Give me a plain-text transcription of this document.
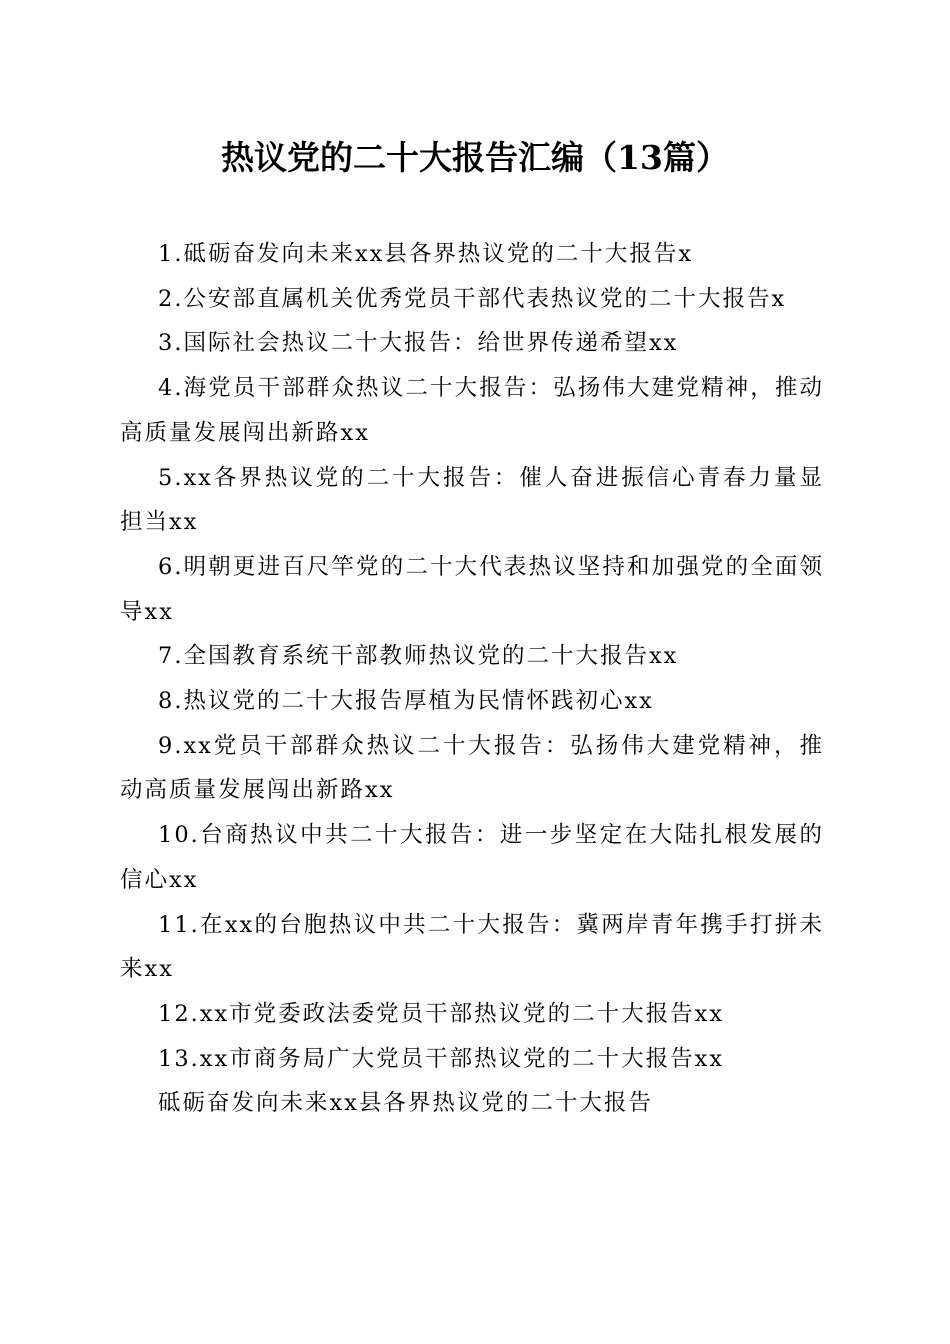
热议党的二十大报告汇编（13篇）

1.砥砺奋发向未来xx县各界热议党的二十大报告x

2.公安部直属机关优秀党员干部代表热议党的二十大报告x

3.国际社会热议二十大报告：给世界传递希望xx

4.海党员干部群众热议二十大报告：弘扬伟大建党精神，推动高质量发展闯出新路xx

5.xx各界热议党的二十大报告：催人奋进振信心青春力量显担当xx

6.明朝更进百尺竿党的二十大代表热议坚持和加强党的全面领导xx

7.全国教育系统干部教师热议党的二十大报告xx

8.热议党的二十大报告厚植为民情怀践初心xx

9.xx党员干部群众热议二十大报告：弘扬伟大建党精神，推动高质量发展闯出新路xx

10.台商热议中共二十大报告：进一步坚定在大陆扎根发展的信心xx

11.在xx的台胞热议中共二十大报告：冀两岸青年携手打拼未来xx

12.xx市党委政法委党员干部热议党的二十大报告xx

13.xx市商务局广大党员干部热议党的二十大报告xx

砥砺奋发向未来xx县各界热议党的二十大报告
